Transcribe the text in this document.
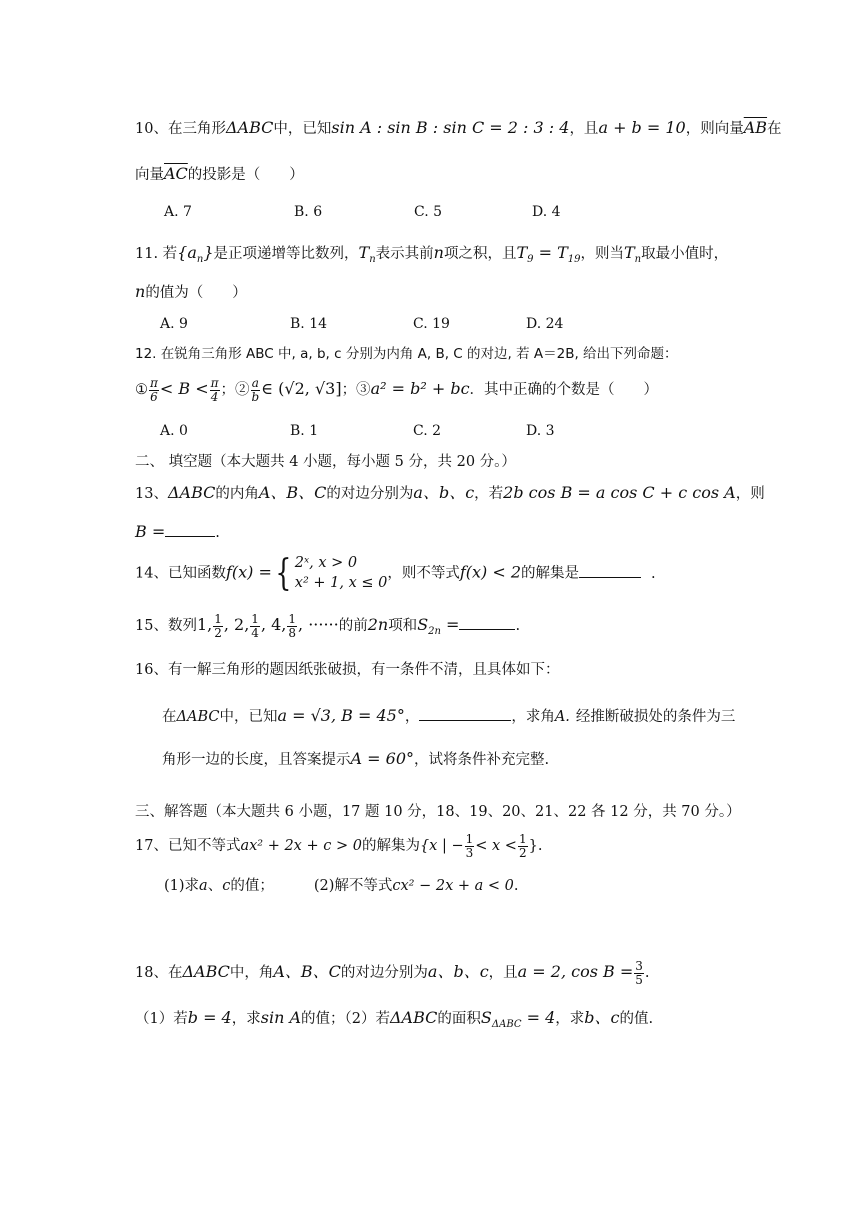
10、在三角形ΔABC中，已知sin A : sin B : sin C = 2 : 3 : 4，且a + b = 10，则向量$\overline{AB}$在
向量$\overline{AC}$的投影是（　　）
A. 7	B. 6	C. 5	D. 4
11. 若$\{a_n\}$是正项递增等比数列，$T_n$表示其前n项之积，且$T_9 = T_{19}$，则当$T_n$取最小值时，
n的值为（　　）
A. 9	B. 14	C. 19	D. 24
12. 在锐角三角形 ABC 中, a, b, c 分别为内角 A, B, C 的对边, 若 A＝2B, 给出下列命题：
① $\frac{\pi}{6} < B < \frac{\pi}{4}$ ；② $\frac{a}{b}$ ∈ (√2, √3]；③a² = b² + bc．其中正确的个数是（　　）
A. 0	B. 1	C. 2	D. 3
二、 填空题（本大题共 4 小题，每小题 5 分，共 20 分。）
13、ΔABC的内角A、B、C的对边分别为a、b、c，若2b cos B = a cos C + c cos A，则
B =	.
14、已知函数f(x) ={ 2ˣ, x > 0
x² + 1, x ≤ 0
，则不等式f(x) < 2的解集是	.
15、数列1, $\frac{1}{2}$ , 2, $\frac{1}{4}$ , 4, $\frac{1}{8}$ , ······的前2n项和$S_{2n}$ =	.
16、有一解三角形的题因纸张破损，有一条件不清，且具体如下：
在ΔABC中，已知a = √3, B = 45°，	，求角A. 经推断破损处的条件为三
角形一边的长度，且答案提示A = 60°，试将条件补充完整.
三、解答题（本大题共 6 小题，17 题 10 分，18、19、20、21、22 各 12 分，共 70 分。）
17、已知不等式ax² + 2x + c > 0的解集为{x | − $\frac{1}{3} < x < \frac{1}{2}$ }.
(1)求a、c的值；	(2)解不等式cx² − 2x + a < 0.
18、在ΔABC中，角A、B、C的对边分别为a、b、c，且a = 2, $\cos B = \frac{3}{5}$ .
（1）若b = 4，求sin A的值；（2）若ΔABC的面积$S_{\Delta ABC} = 4$，求b、c的值.
